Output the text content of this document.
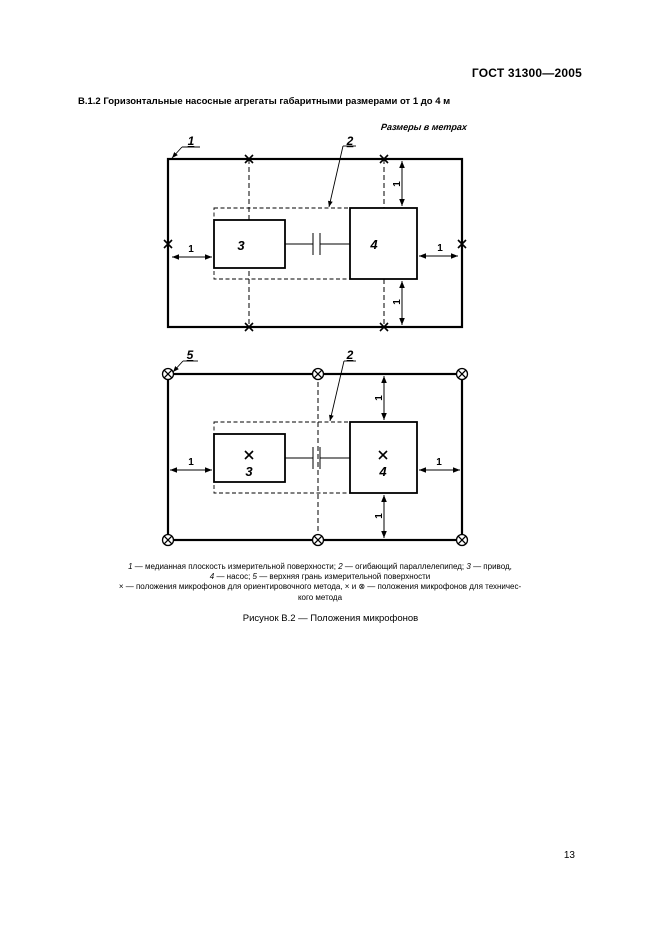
ГОСТ 31300—2005
В.1.2 Горизонтальные насосные агрегаты габаритными размерами от 1 до 4 м
Размеры в метрах
1	2
3	4
1	1
1
1
5	2
3	4
1	1
1
1

1 — медианная плоскость измерительной поверхности; 2 — огибающий параллелепипед; 3 — привод,

4 — насос; 5 — верхняя грань измерительной поверхности

× — положения микрофонов для ориентировочного метода, × и ⊗ — положения микрофонов для техничес-

кого метода

Рисунок В.2 — Положения микрофонов
13
